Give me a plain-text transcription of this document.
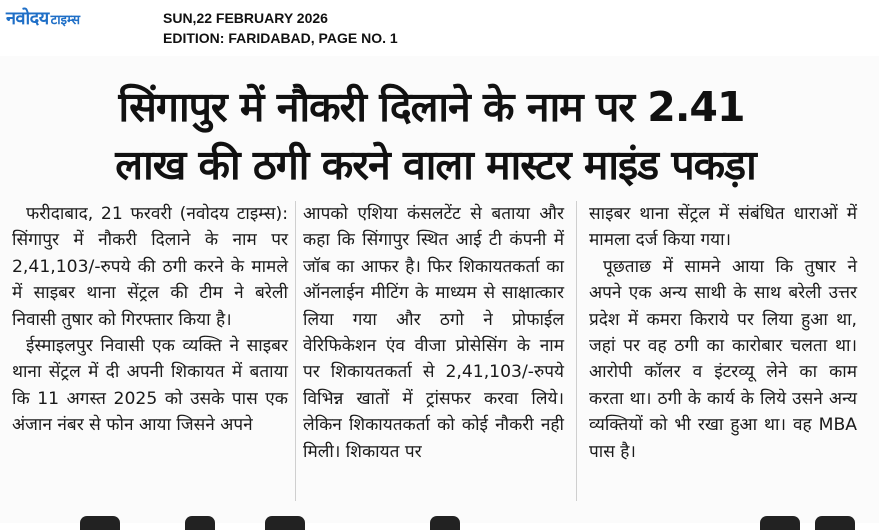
नवोदय टाइम्स	SUN,22 FEBRUARY 2026
EDITION: FARIDABAD, PAGE NO. 1
सिंगापुर में नौकरी दिलाने के नाम पर 2.41
लाख की ठगी करने वाला मास्टर माइंड पकड़ा

फरीदाबाद, 21 फरवरी (नवोदय टाइम्स): सिंगापुर में नौकरी दिलाने के नाम पर 2,41,103/-रुपये की ठगी करने के मामले में साइबर थाना सेंट्रल की टीम ने बरेली निवासी तुषार को गिरफ्तार किया है।

ईस्माइलपुर निवासी एक व्यक्ति ने साइबर थाना सेंट्रल में दी अपनी शिकायत में बताया कि 11 अगस्त 2025 को उसके पास एक अंजान नंबर से फोन आया जिसने अपने

आपको एशिया कंसलटेंट से बताया और कहा कि सिंगापुर स्थित आई टी कंपनी में जॉब का आफर है। फिर शिकायतकर्ता का ऑनलाईन मीटिंग के माध्यम से साक्षात्कार लिया गया और ठगो ने प्रोफाईल वेरिफिकेशन एंव वीजा प्रोसेसिंग के नाम पर शिकायतकर्ता से 2,41,103/-रुपये विभिन्न खातों में ट्रांसफर करवा लिये। लेकिन शिकायतकर्ता को कोई नौकरी नही मिली। शिकायत पर

साइबर थाना सेंट्रल में संबंधित धाराओं में मामला दर्ज किया गया।

पूछताछ में सामने आया कि तुषार ने अपने एक अन्य साथी के साथ बरेली उत्तर प्रदेश में कमरा किराये पर लिया हुआ था, जहां पर वह ठगी का कारोबार चलता था। आरोपी कॉलर व इंटरव्यू लेने का काम करता था। ठगी के कार्य के लिये उसने अन्य व्यक्तियों को भी रखा हुआ था। वह MBA पास है।
